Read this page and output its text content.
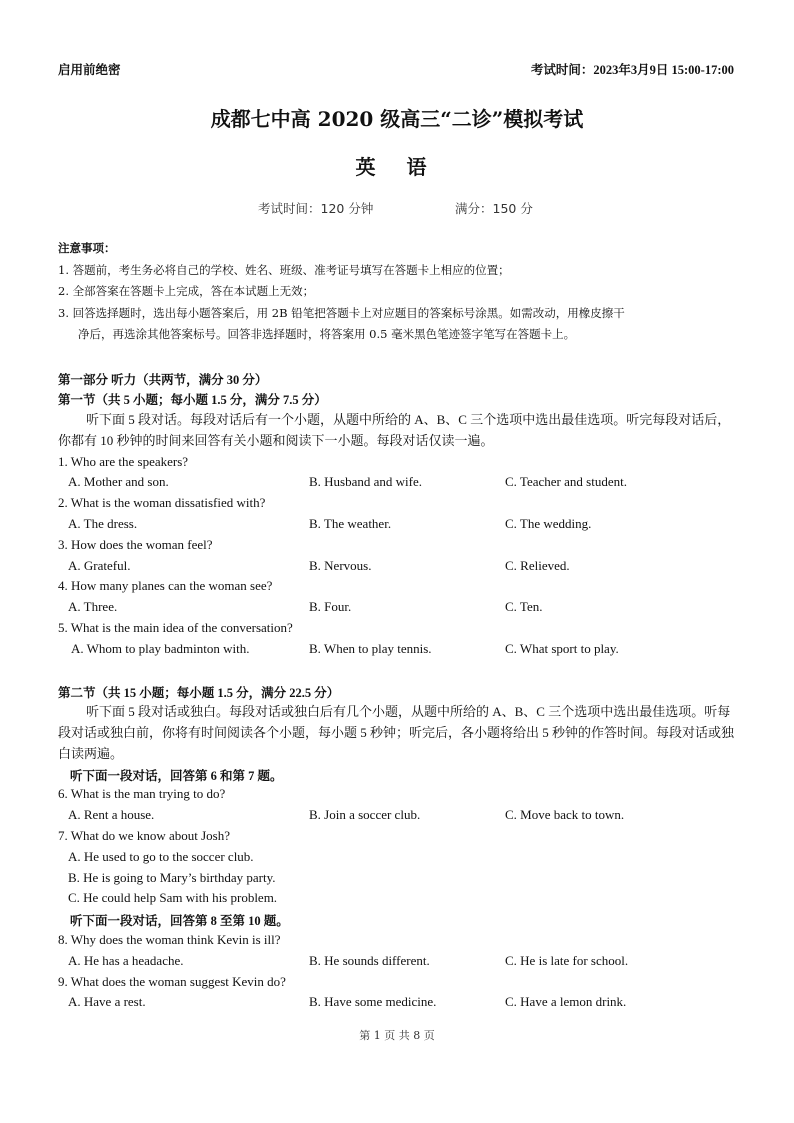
启用前绝密	考试时间：2023年3月9日 15:00-17:00
成都七中高 2020 级高三“二诊”模拟考试
英 语
考试时间：120 分钟	满分：150 分
注意事项：
1. 答题前，考生务必将自己的学校、姓名、班级、准考证号填写在答题卡上相应的位置；
2. 全部答案在答题卡上完成，答在本试题上无效；
3. 回答选择题时，选出每小题答案后，用 2B 铅笔把答题卡上对应题目的答案标号涂黑。如需改动，用橡皮擦干
净后，再选涂其他答案标号。回答非选择题时，将答案用 0.5 毫米黑色笔迹签字笔写在答题卡上。
第一部分 听力（共两节，满分 30 分）
第一节（共 5 小题；每小题 1.5 分，满分 7.5 分）
听下面 5 段对话。每段对话后有一个小题，从题中所给的 A、B、C 三个选项中选出最佳选项。听完每段对话后，你都有 10 秒钟的时间来回答有关小题和阅读下一小题。每段对话仅读一遍。
1. Who are the speakers?
A. Mother and son.	B. Husband and wife.	C. Teacher and student.
2. What is the woman dissatisfied with?
A. The dress.	B. The weather.	C. The wedding.
3. How does the woman feel?
A. Grateful.	B. Nervous.	C. Relieved.
4. How many planes can the woman see?
A. Three.	B. Four.	C. Ten.
5. What is the main idea of the conversation?
A. Whom to play badminton with.	B. When to play tennis.	C. What sport to play.
第二节（共 15 小题；每小题 1.5 分，满分 22.5 分）
听下面 5 段对话或独白。每段对话或独白后有几个小题，从题中所给的 A、B、C 三个选项中选出最佳选项。听每段对话或独白前，你将有时间阅读各个小题，每小题 5 秒钟；听完后，各小题将给出 5 秒钟的作答时间。每段对话或独白读两遍。
听下面一段对话，回答第 6 和第 7 题。
6. What is the man trying to do?
A. Rent a house.	B. Join a soccer club.	C. Move back to town.
7. What do we know about Josh?
A. He used to go to the soccer club.
B. He is going to Mary’s birthday party.
C. He could help Sam with his problem.
听下面一段对话，回答第 8 至第 10 题。
8. Why does the woman think Kevin is ill?
A. He has a headache.	B. He sounds different.	C. He is late for school.
9. What does the woman suggest Kevin do?
A. Have a rest.	B. Have some medicine.	C. Have a lemon drink.
第 1 页 共 8 页
